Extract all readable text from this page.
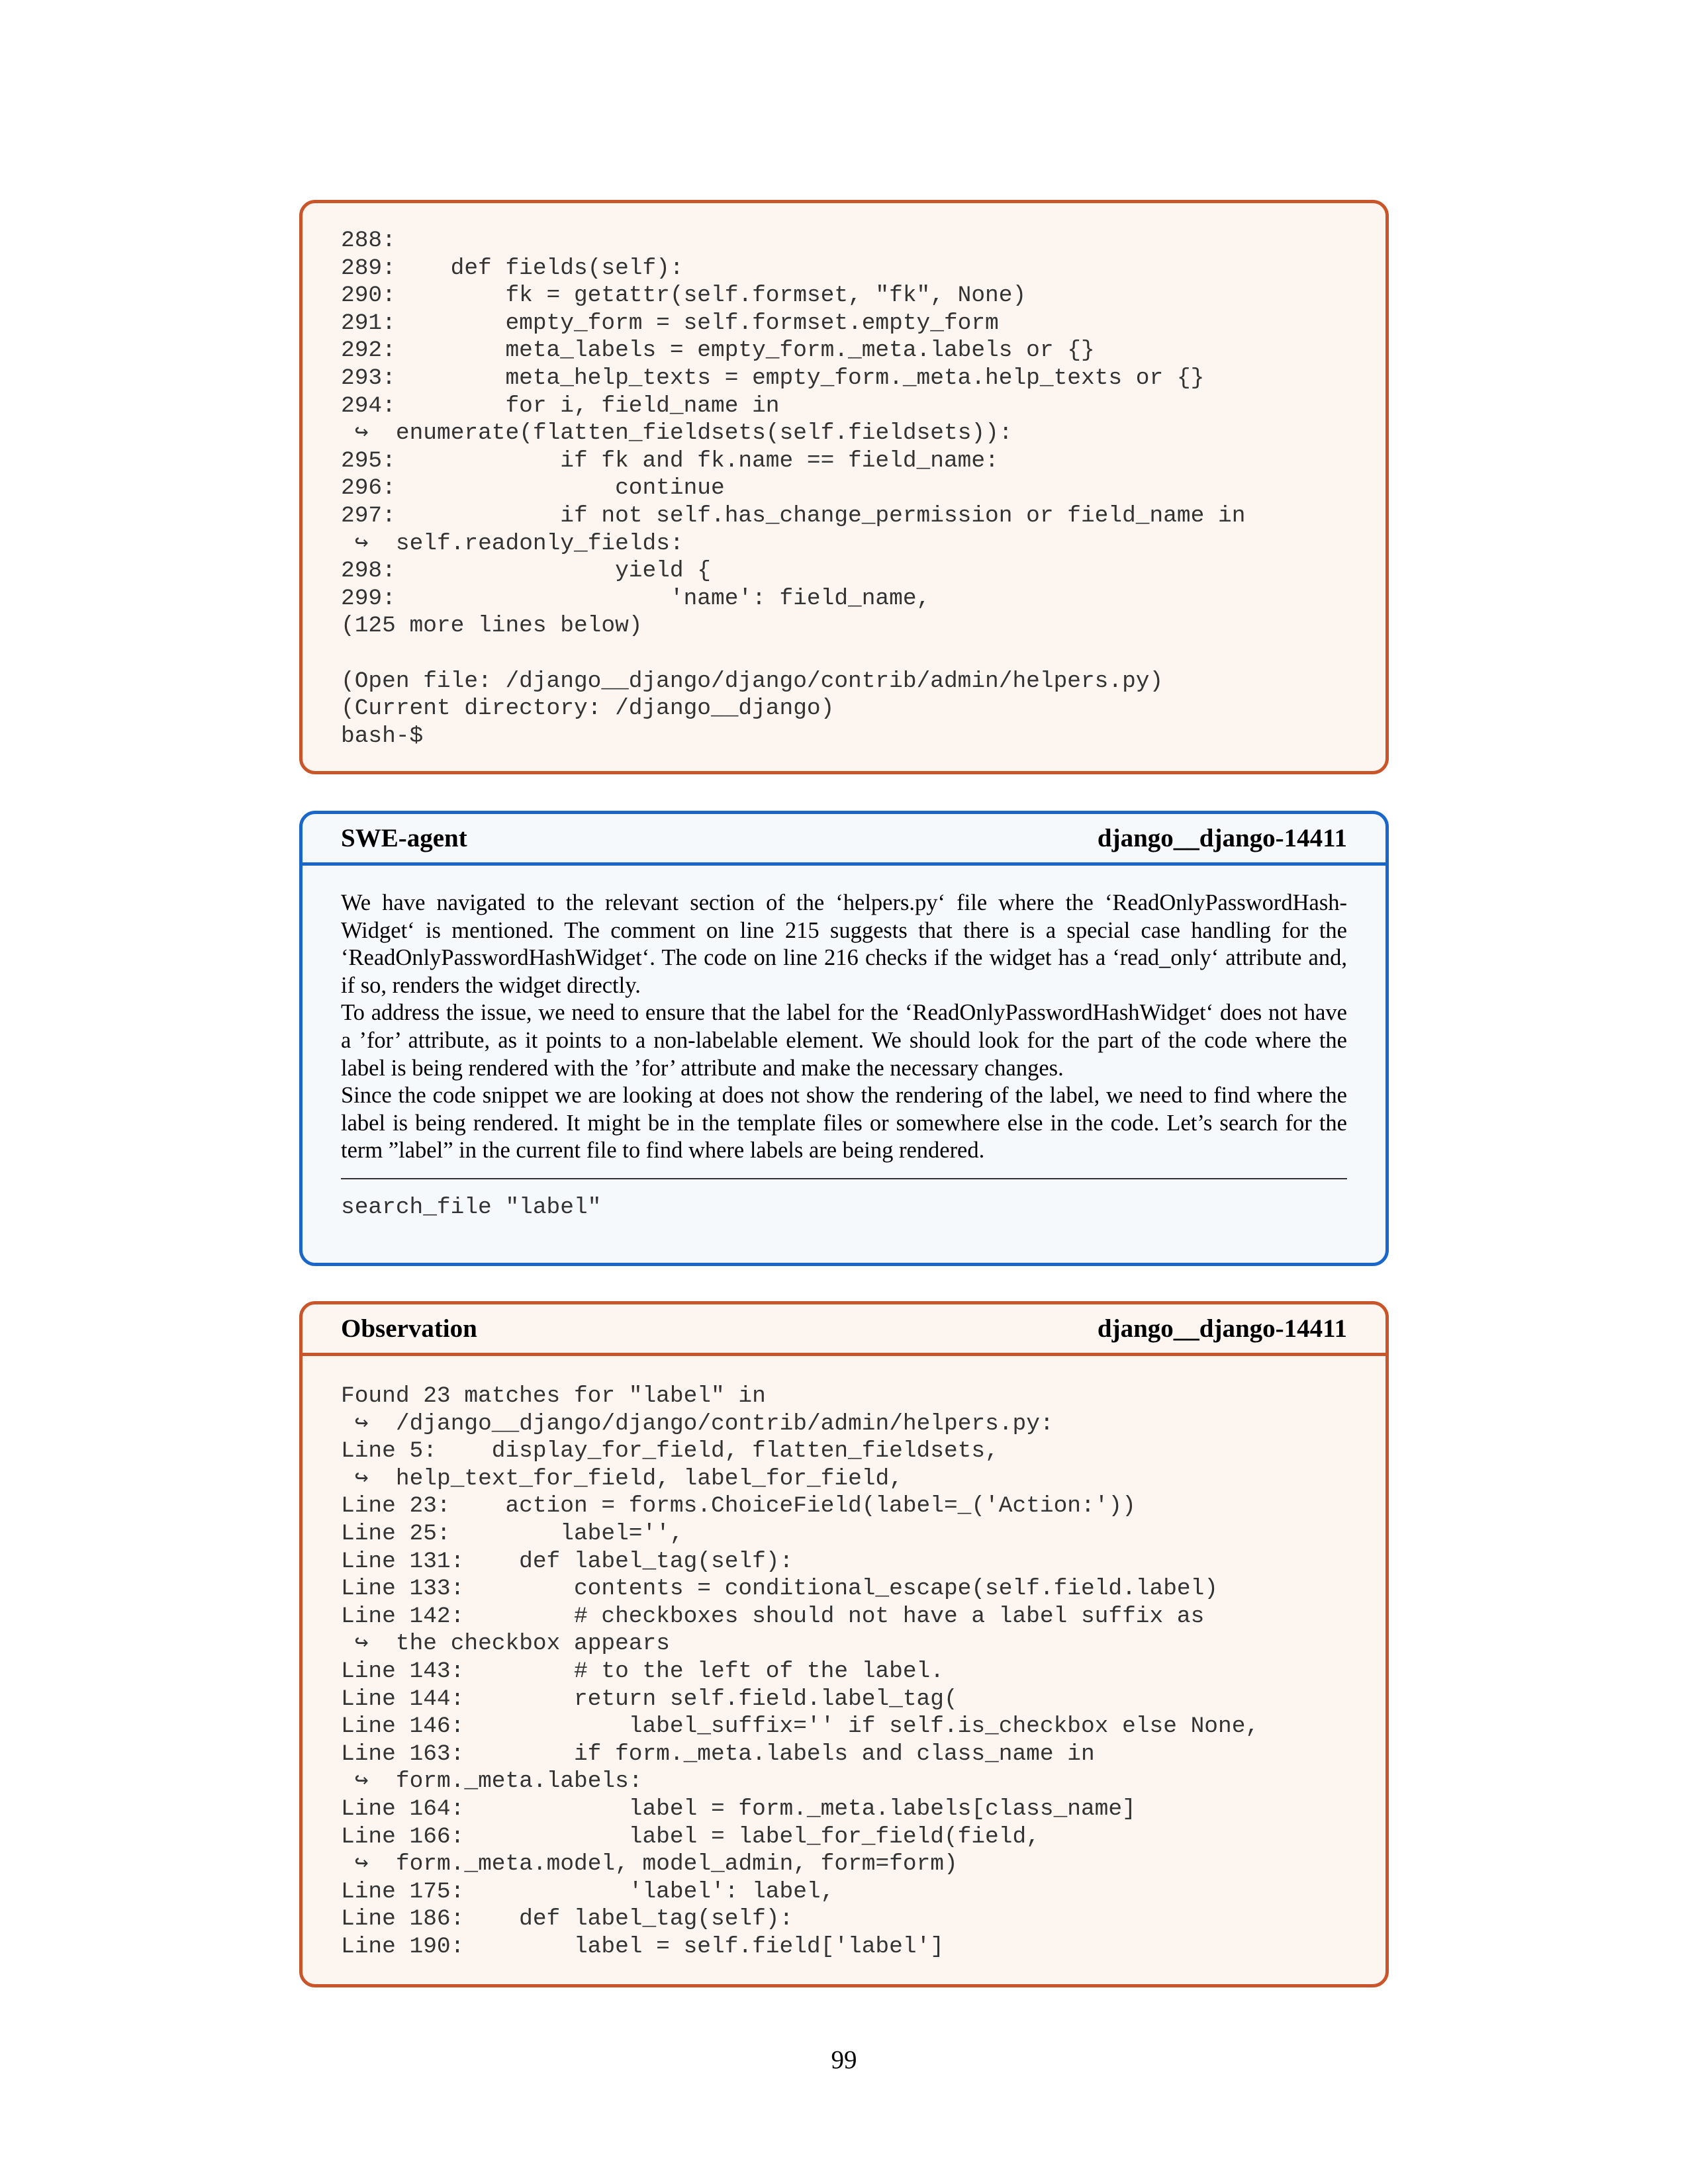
288:
289:    def fields(self):
290:        fk = getattr(self.formset, "fk", None)
291:        empty_form = self.formset.empty_form
292:        meta_labels = empty_form._meta.labels or {}
293:        meta_help_texts = empty_form._meta.help_texts or {}
294:        for i, field_name in
↪  enumerate(flatten_fieldsets(self.fieldsets)):
295:            if fk and fk.name == field_name:
296:                continue
297:            if not self.has_change_permission or field_name in
↪  self.readonly_fields:
298:                yield {
299:                    'name': field_name,
(125 more lines below)

(Open file: /django__django/django/contrib/admin/helpers.py)
(Current directory: /django__django)
bash-$
SWE-agent	django__django-14411

We have navigated to the relevant section of the ‘helpers.py‘ file where the ‘ReadOnlyPasswordHash-Widget‘ is mentioned. The comment on line 215 suggests that there is a special case handling for the ‘ReadOnlyPasswordHashWidget‘. The code on line 216 checks if the widget has a ‘read_only‘ attribute and, if so, renders the widget directly.

To address the issue, we need to ensure that the label for the ‘ReadOnlyPasswordHashWidget‘ does not have a ’for’ attribute, as it points to a non-labelable element. We should look for the part of the code where the label is being rendered with the ’for’ attribute and make the necessary changes.

Since the code snippet we are looking at does not show the rendering of the label, we need to find where the label is being rendered. It might be in the template files or somewhere else in the code. Let’s search for the term ”label” in the current file to find where labels are being rendered.

search_file "label"
Observation	django__django-14411
Found 23 matches for "label" in
↪  /django__django/django/contrib/admin/helpers.py:
Line 5:    display_for_field, flatten_fieldsets,
↪  help_text_for_field, label_for_field,
Line 23:    action = forms.ChoiceField(label=_('Action:'))
Line 25:        label='',
Line 131:    def label_tag(self):
Line 133:        contents = conditional_escape(self.field.label)
Line 142:        # checkboxes should not have a label suffix as
↪  the checkbox appears
Line 143:        # to the left of the label.
Line 144:        return self.field.label_tag(
Line 146:            label_suffix='' if self.is_checkbox else None,
Line 163:        if form._meta.labels and class_name in
↪  form._meta.labels:
Line 164:            label = form._meta.labels[class_name]
Line 166:            label = label_for_field(field,
↪  form._meta.model, model_admin, form=form)
Line 175:            'label': label,
Line 186:    def label_tag(self):
Line 190:        label = self.field['label']
99
